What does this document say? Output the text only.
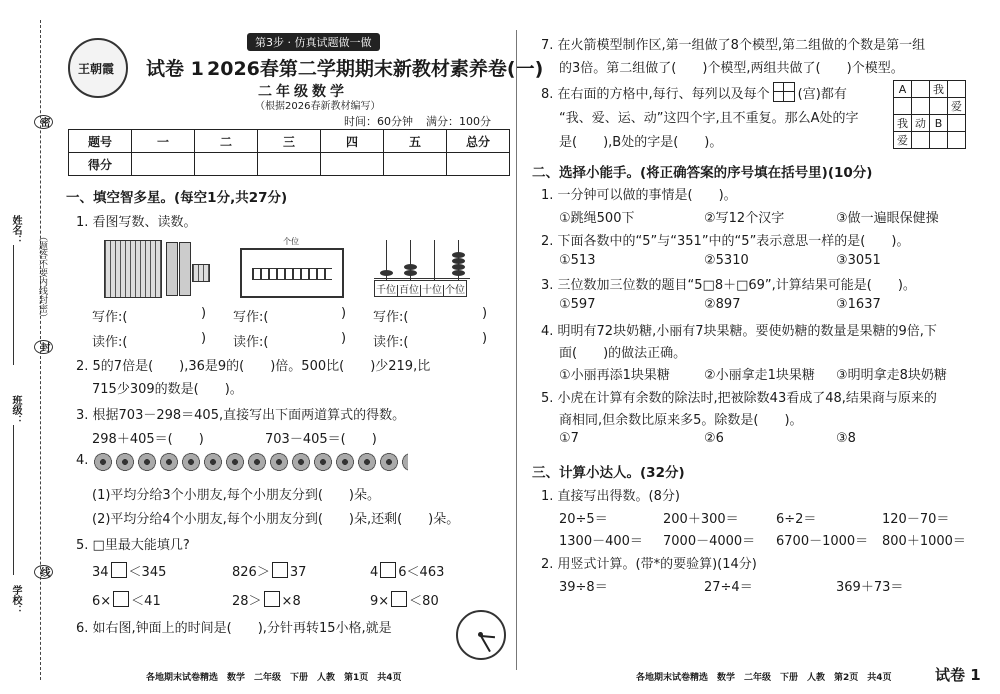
姓名：
班级：
学校：
密
封
线
（题答不要内线封密）
第3步 · 仿真试题做一做
王朝霞 试卷 1 2026春第二学期期末新教材素养卷(一)
二年级数学
（根据2026春新教材编写）
时间：60分钟 满分：100分
题号	一	二	三	四	五	总分
得分						
一、填空智多星。(每空1分,共27分)
1. 看图写数、读数。
个位
千位 百位 十位 个位
写作:(	) 写作:(	) 写作:(	)
读作:(	) 读作:(	) 读作:(	)
2. 5的7倍是(　　),36是9的(　　)倍。500比(　　)少219,比
715少309的数是(　　)。
3. 根据703－298＝405,直接写出下面两道算式的得数。
298＋405＝(　　)	703－405＝(　　)
4.
(1)平均分给3个小朋友,每个小朋友分到(　　)朵。
(2)平均分给4个小朋友,每个小朋友分到(　　)朵,还剩(　　)朵。
5. □里最大能填几?
34 ＜345	826＞ 37	4 6＜463
6× ＜41	28＞ ×8	9× ＜80
6. 如右图,钟面上的时间是(　　),分针再转15小格,就是
7. 在火箭模型制作区,第一组做了8个模型,第二组做的个数是第一组
的3倍。第二组做了(　　)个模型,两组共做了(　　)个模型。
8. 在右面的方格中,每行、每列以及每个 (宫)都有
“我、爱、运、动”这四个字,且不重复。那么A处的字
是(　　),B处的字是(　　)。
A		我	
			爱
我	动	B	
爱			
二、选择小能手。(将正确答案的序号填在括号里)(10分)
1. 一分钟可以做的事情是(　　)。
①跳绳500下	②写12个汉字	③做一遍眼保健操
2. 下面各数中的“5”与“351”中的“5”表示意思一样的是(　　)。
①513	②5310	③3051
3. 三位数加三位数的题目“5□8＋□69”,计算结果可能是(　　)。
①597	②897	③1637
4. 明明有72块奶糖,小丽有7块果糖。要使奶糖的数量是果糖的9倍,下
面(　　)的做法正确。
①小丽再添1块果糖	②小丽拿走1块果糖 ③明明拿走8块奶糖
5. 小虎在计算有余数的除法时,把被除数43看成了48,结果商与原来的
商相同,但余数比原来多5。除数是(　　)。
①7	②6	③8
三、计算小达人。(32分)
1. 直接写出得数。(8分)
20÷5＝	200＋300＝	6÷2＝	120－70＝
1300－400＝ 7000－4000＝ 6700－1000＝ 800＋1000＝
2. 用竖式计算。(带*的要验算)(14分)
39÷8＝	27÷4＝	369＋73＝
各地期末试卷精选　数学　二年级　下册　人教　第1页　共4页	各地期末试卷精选　数学　二年级　下册　人教　第2页　共4页	试卷 1
